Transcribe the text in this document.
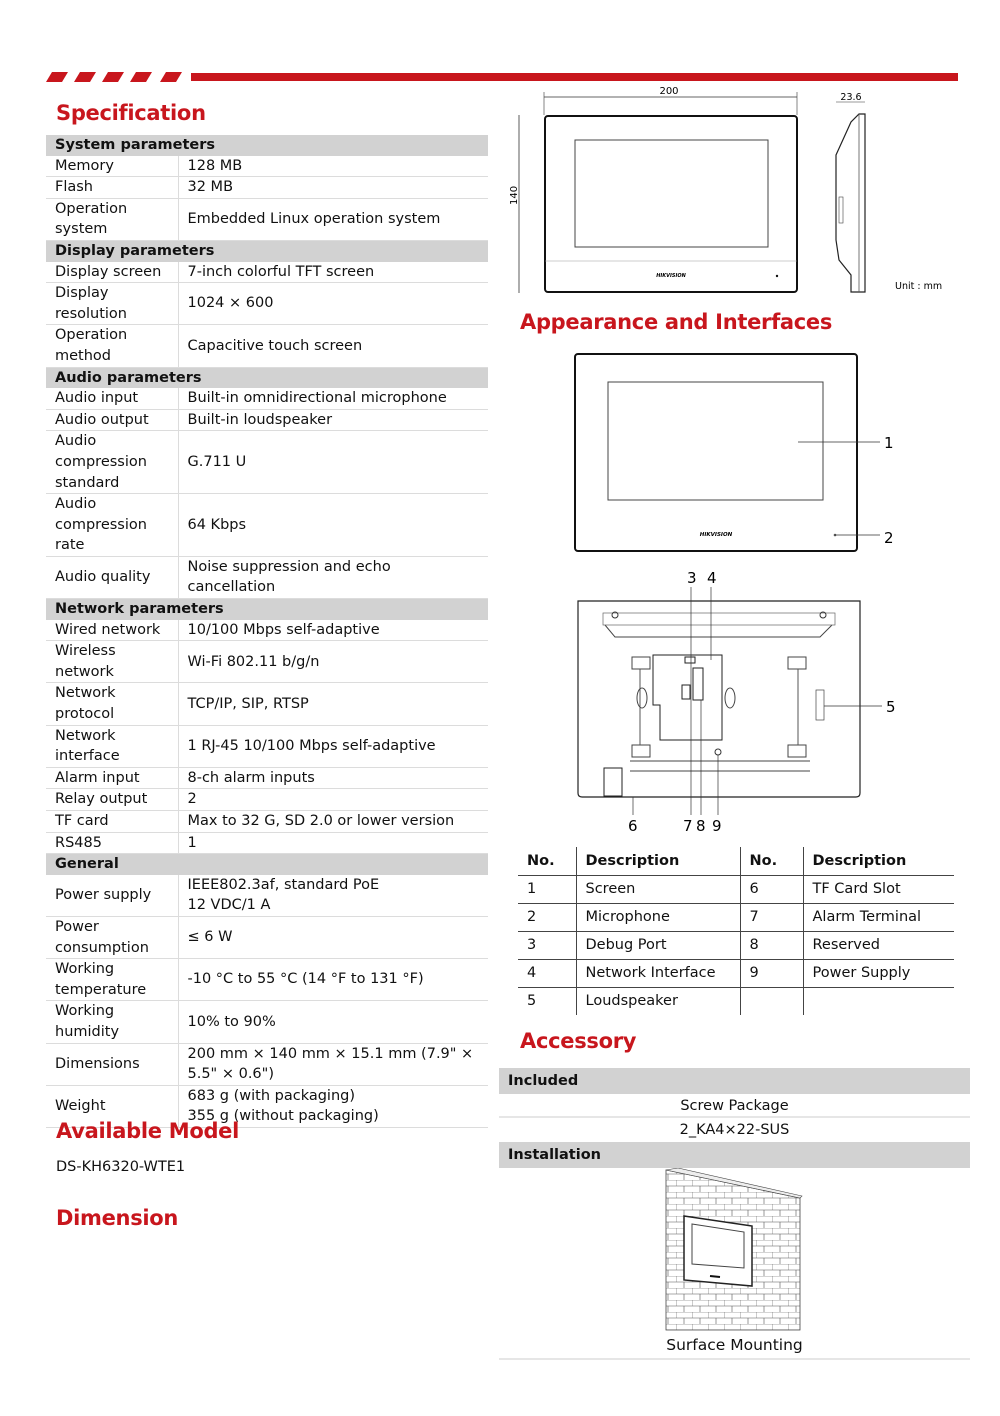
Specification
System parameters	
Memory	128 MB
Flash	32 MB
Operation
system	Embedded Linux operation system
Display parameters	
Display screen	7-inch colorful TFT screen
Display
resolution	1024 × 600
Operation
method	Capacitive touch screen
Audio parameters	
Audio input	Built-in omnidirectional microphone
Audio output	Built-in loudspeaker
Audio
compression
standard	G.711 U
Audio
compression
rate	64 Kbps
Audio quality	Noise suppression and echo cancellation
Network parameters	
Wired network	10/100 Mbps self-adaptive
Wireless
network	Wi-Fi 802.11 b/g/n
Network
protocol	TCP/IP, SIP, RTSP
Network
interface	1 RJ-45 10/100 Mbps self-adaptive
Alarm input	8-ch alarm inputs
Relay output	2
TF card	Max to 32 G, SD 2.0 or lower version
RS485	1
General	
Power supply	IEEE802.3af, standard PoE
12 VDC/1 A
Power
consumption	≤ 6 W
Working
temperature	-10 °C to 55 °C (14 °F to 131 °F)
Working
humidity	10% to 90%
Dimensions	200 mm × 140 mm × 15.1 mm (7.9" ×
5.5" × 0.6")
Weight	683 g (with packaging)
355 g (without packaging)
Available Model
DS-KH6320-WTE1
Dimension
200
140
HIKVISION
23.6
Unit : mm
Appearance and Interfaces
HIKVISION
1
2
3 4
5
6	7 8 9
No.	Description	No.	Description
1	Screen	6	TF Card Slot
2	Microphone	7	Alarm Terminal
3	Debug Port	8	Reserved
4	Network Interface	9	Power Supply
5	Loudspeaker		
Accessory
Included
Screw Package
2_KA4×22-SUS
Installation
Surface Mounting
